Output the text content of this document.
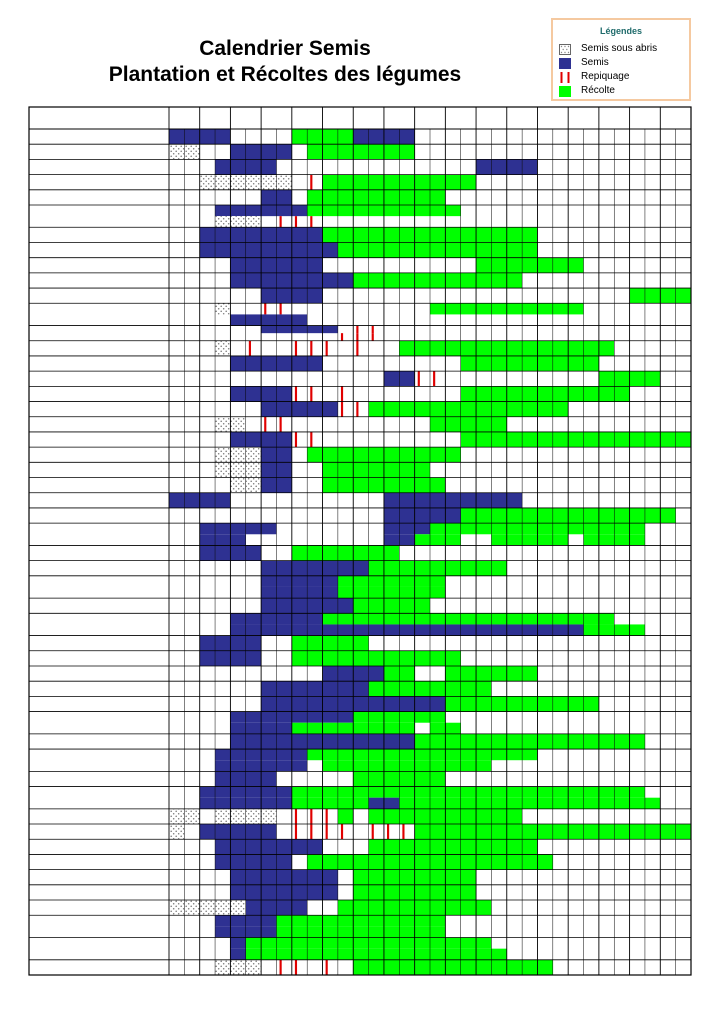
Calendrier Semis
Plantation et Récoltes des légumes
Légendes
Semis sous abris
Semis
Repiquage
Récolte
